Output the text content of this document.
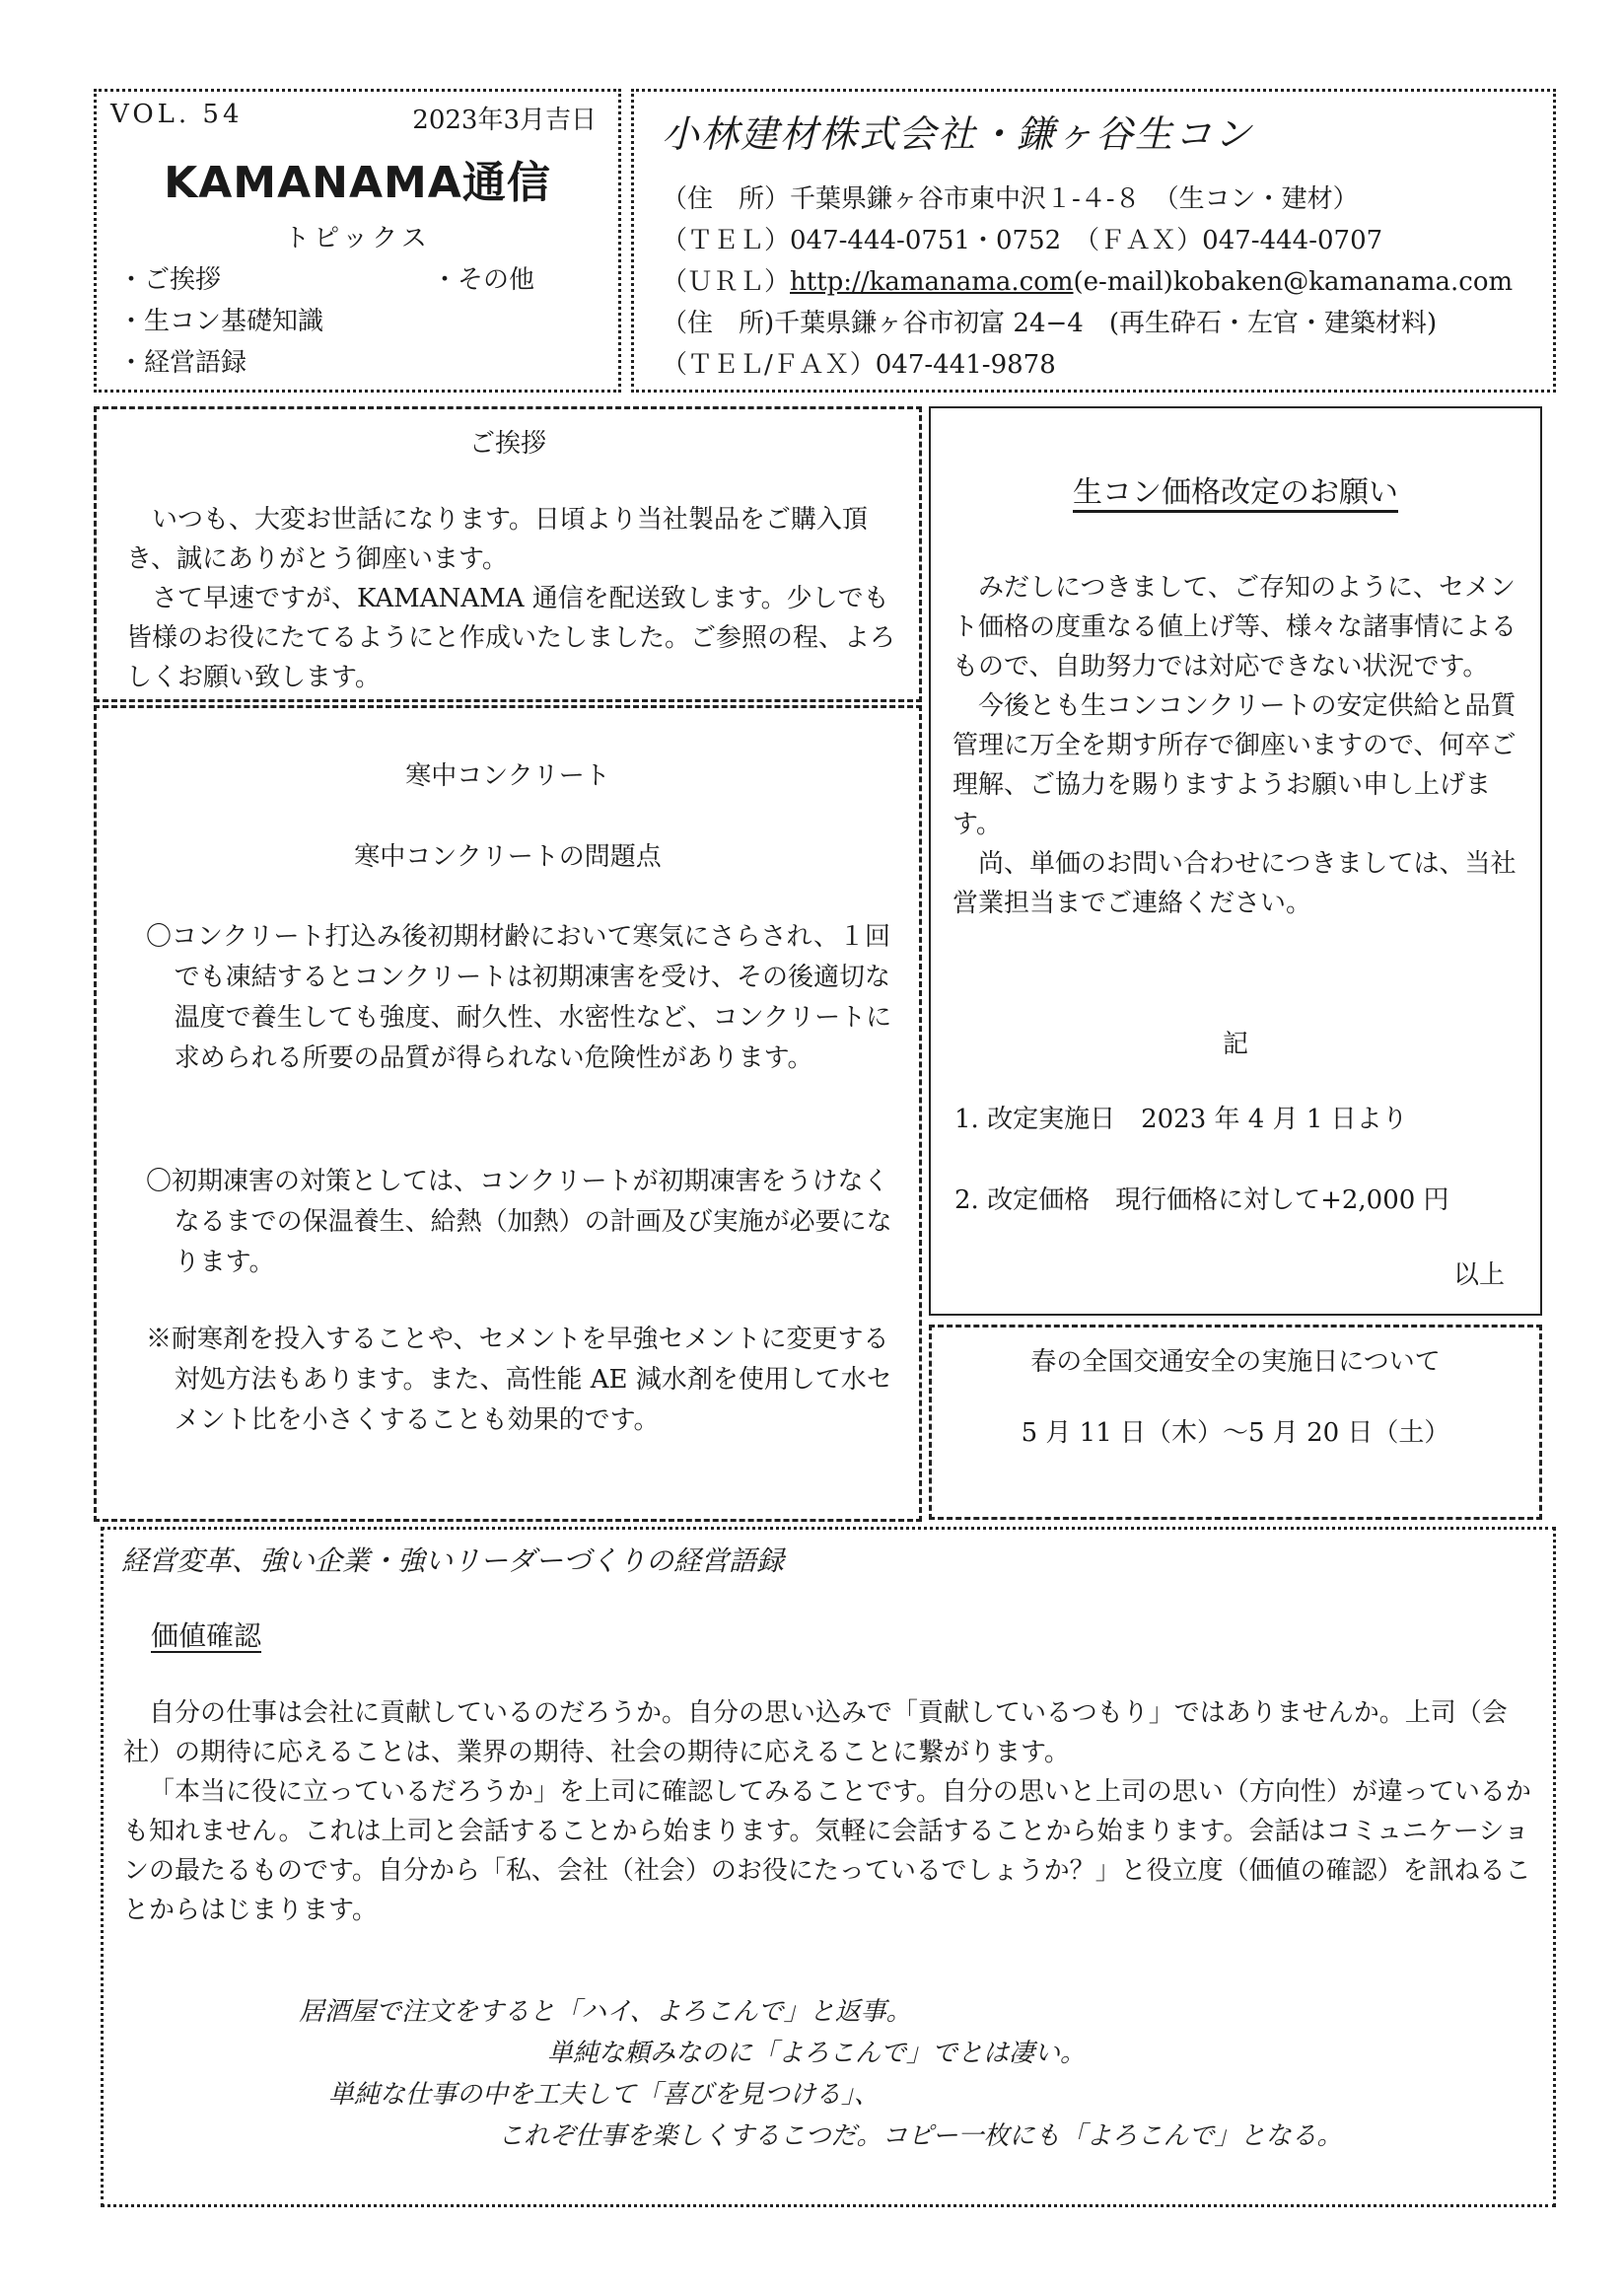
VOL. 54	2023年3月吉日
KAMANAMA通信
トピックス
・ご挨拶	・その他
・生コン基礎知識
・経営語録
小林建材株式会社・鎌ヶ谷生コン
（住　所）千葉県鎌ヶ谷市東中沢１‑４‑８　（生コン・建材）
（ＴＥＬ）047‑444‑0751・0752　（ＦＡＸ）047‑444‑0707
（ＵＲＬ）http://kamanama.com(e-mail)kobaken@kamanama.com
（住　所)千葉県鎌ヶ谷市初富 24−4　(再生砕石・左官・建築材料)
（ＴＥＬ/ＦＡＸ）047‑441‑9878
ご挨拶

いつも、大変お世話になります。日頃より当社製品をご購入頂き、誠にありがとう御座います。

さて早速ですが、KAMANAMA 通信を配送致します。少しでも皆様のお役にたてるようにと作成いたしました。ご参照の程、よろしくお願い致します。

寒中コンクリート
寒中コンクリートの問題点
〇コンクリート打込み後初期材齢において寒気にさらされ、１回でも凍結するとコンクリートは初期凍害を受け、その後適切な温度で養生しても強度、耐久性、水密性など、コンクリートに求められる所要の品質が得られない危険性があります。
〇初期凍害の対策としては、コンクリートが初期凍害をうけなくなるまでの保温養生、給熱（加熱）の計画及び実施が必要になります。
※耐寒剤を投入することや、セメントを早強セメントに変更する対処方法もあります。また、高性能 AE 減水剤を使用して水セメント比を小さくすることも効果的です。
生コン価格改定のお願い

みだしにつきまして、ご存知のように、セメント価格の度重なる値上げ等、様々な諸事情によるもので、自助努力では対応できない状況です。

今後とも生コンコンクリートの安定供給と品質管理に万全を期す所存で御座いますので、何卒ご理解、ご協力を賜りますようお願い申し上げます。

尚、単価のお問い合わせにつきましては、当社営業担当までご連絡ください。

記
1. 改定実施日　2023 年 4 月 1 日より
2. 改定価格　現行価格に対して+2,000 円
以上
春の全国交通安全の実施日について
5 月 11 日（木）～5 月 20 日（土）
経営変革、強い企業・強いリーダーづくりの経営語録
価値確認

自分の仕事は会社に貢献しているのだろうか。自分の思い込みで「貢献しているつもり」ではありませんか。上司（会社）の期待に応えることは、業界の期待、社会の期待に応えることに繋がります。

「本当に役に立っているだろうか」を上司に確認してみることです。自分の思いと上司の思い（方向性）が違っているかも知れません。これは上司と会話することから始まります。気軽に会話することから始まります。会話はコミュニケーションの最たるものです。自分から「私、会社（社会）のお役にたっているでしょうか？」と役立度（価値の確認）を訊ねることからはじまります。

居酒屋で注文をすると「ハイ、よろこんで」と返事。
単純な頼みなのに「よろこんで」でとは凄い。
単純な仕事の中を工夫して「喜びを見つける」、
これぞ仕事を楽しくするこつだ。コピー一枚にも「よろこんで」となる。
